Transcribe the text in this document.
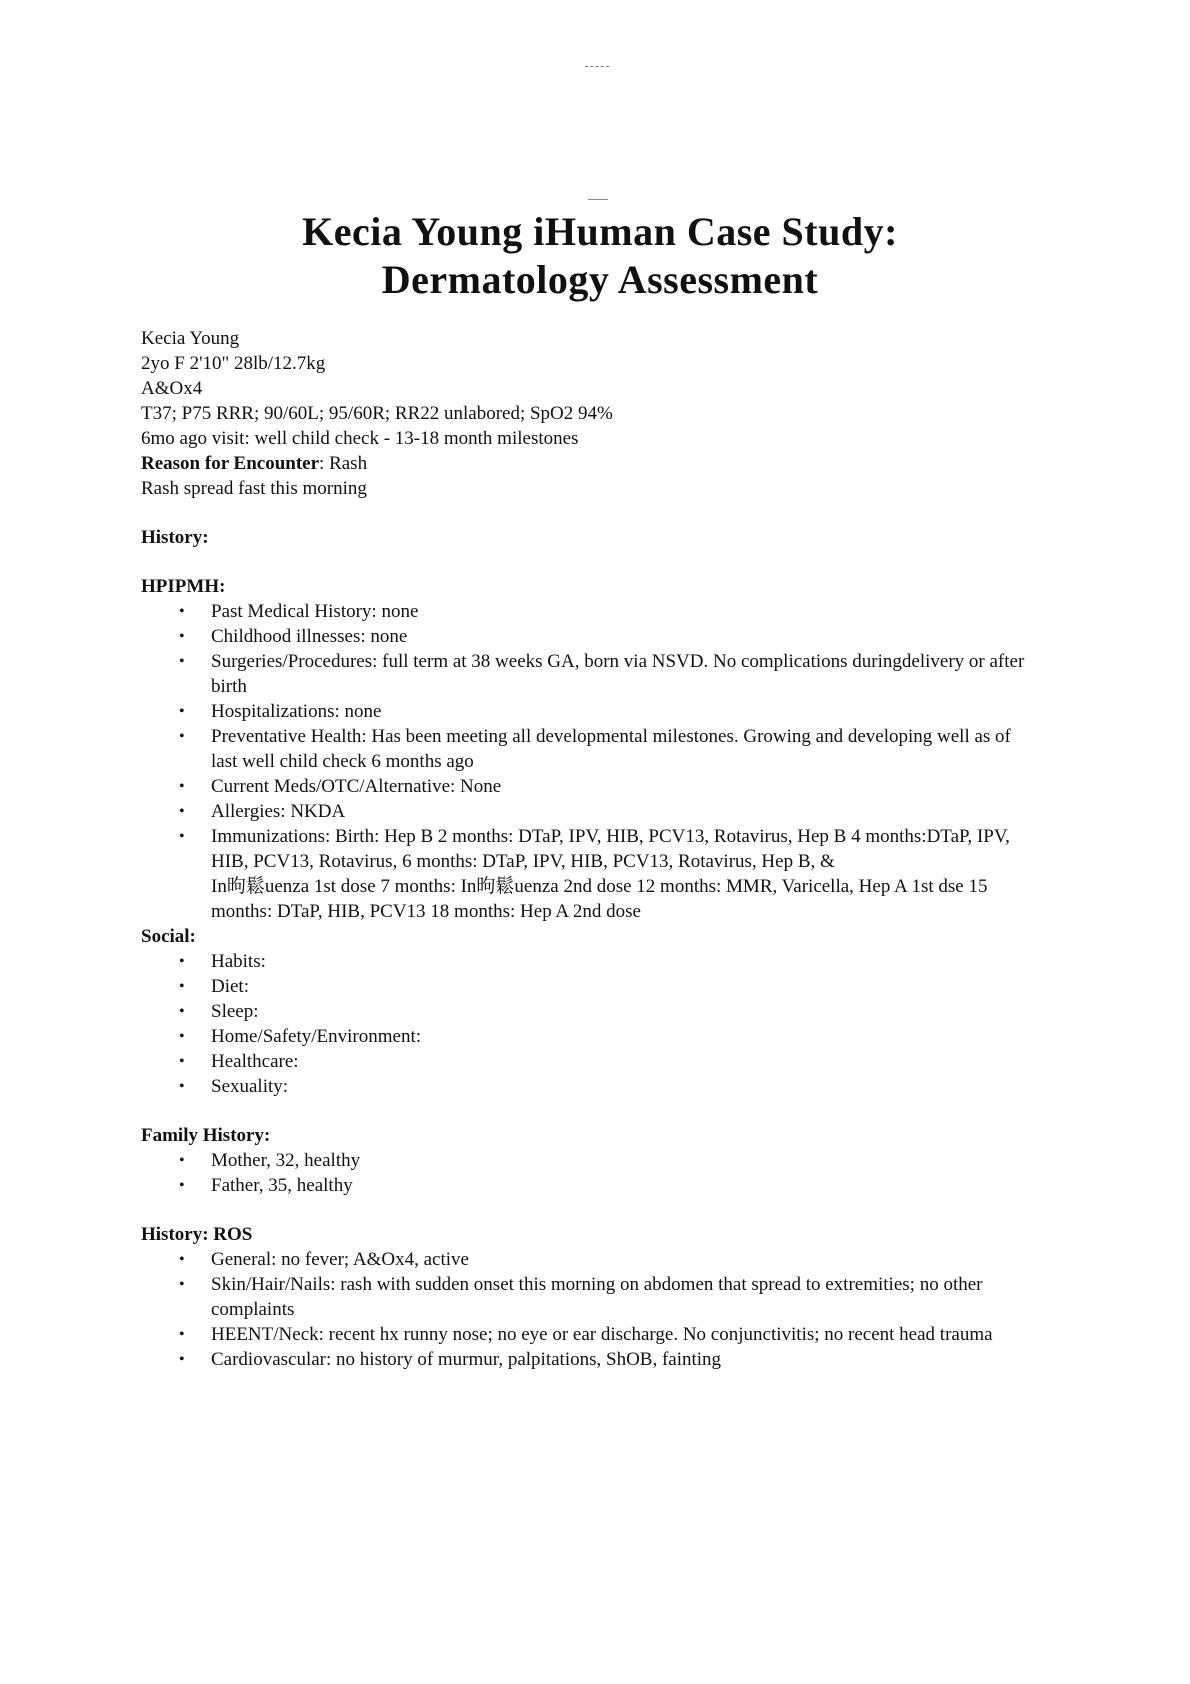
Kecia Young iHuman Case Study:
Dermatology Assessment

Kecia Young

2yo F 2'10" 28lb/12.7kg

A&Ox4

T37; P75 RRR; 90/60L; 95/60R; RR22 unlabored; SpO2 94%

6mo ago visit: well child check - 13-18 month milestones

Reason for Encounter: Rash

Rash spread fast this morning

History:

HPIPMH:

• Past Medical History: none
• Childhood illnesses: none
• Surgeries/Procedures: full term at 38 weeks GA, born via NSVD. No complications duringdelivery or after birth
• Hospitalizations: none
• Preventative Health: Has been meeting all developmental milestones. Growing and developing well as of last well child check 6 months ago
• Current Meds/OTC/Alternative: None
• Allergies: NKDA
• Immunizations: Birth: Hep B 2 months: DTaP, IPV, HIB, PCV13, Rotavirus, Hep B 4 months:DTaP, IPV, HIB, PCV13, Rotavirus, 6 months: DTaP, IPV, HIB, PCV13, Rotavirus, Hep B, &
In昫鬆uenza 1st dose 7 months: In昫鬆uenza 2nd dose 12 months: MMR, Varicella, Hep A 1st dse 15 months: DTaP, HIB, PCV13 18 months: Hep A 2nd dose

Social:

• Habits:
• Diet:
• Sleep:
• Home/Safety/Environment:
• Healthcare:
• Sexuality:

Family History:

• Mother, 32, healthy
• Father, 35, healthy

History: ROS

• General: no fever; A&Ox4, active
• Skin/Hair/Nails: rash with sudden onset this morning on abdomen that spread to extremities; no other complaints
• HEENT/Neck: recent hx runny nose; no eye or ear discharge. No conjunctivitis; no recent head trauma
• Cardiovascular: no history of murmur, palpitations, ShOB, fainting
